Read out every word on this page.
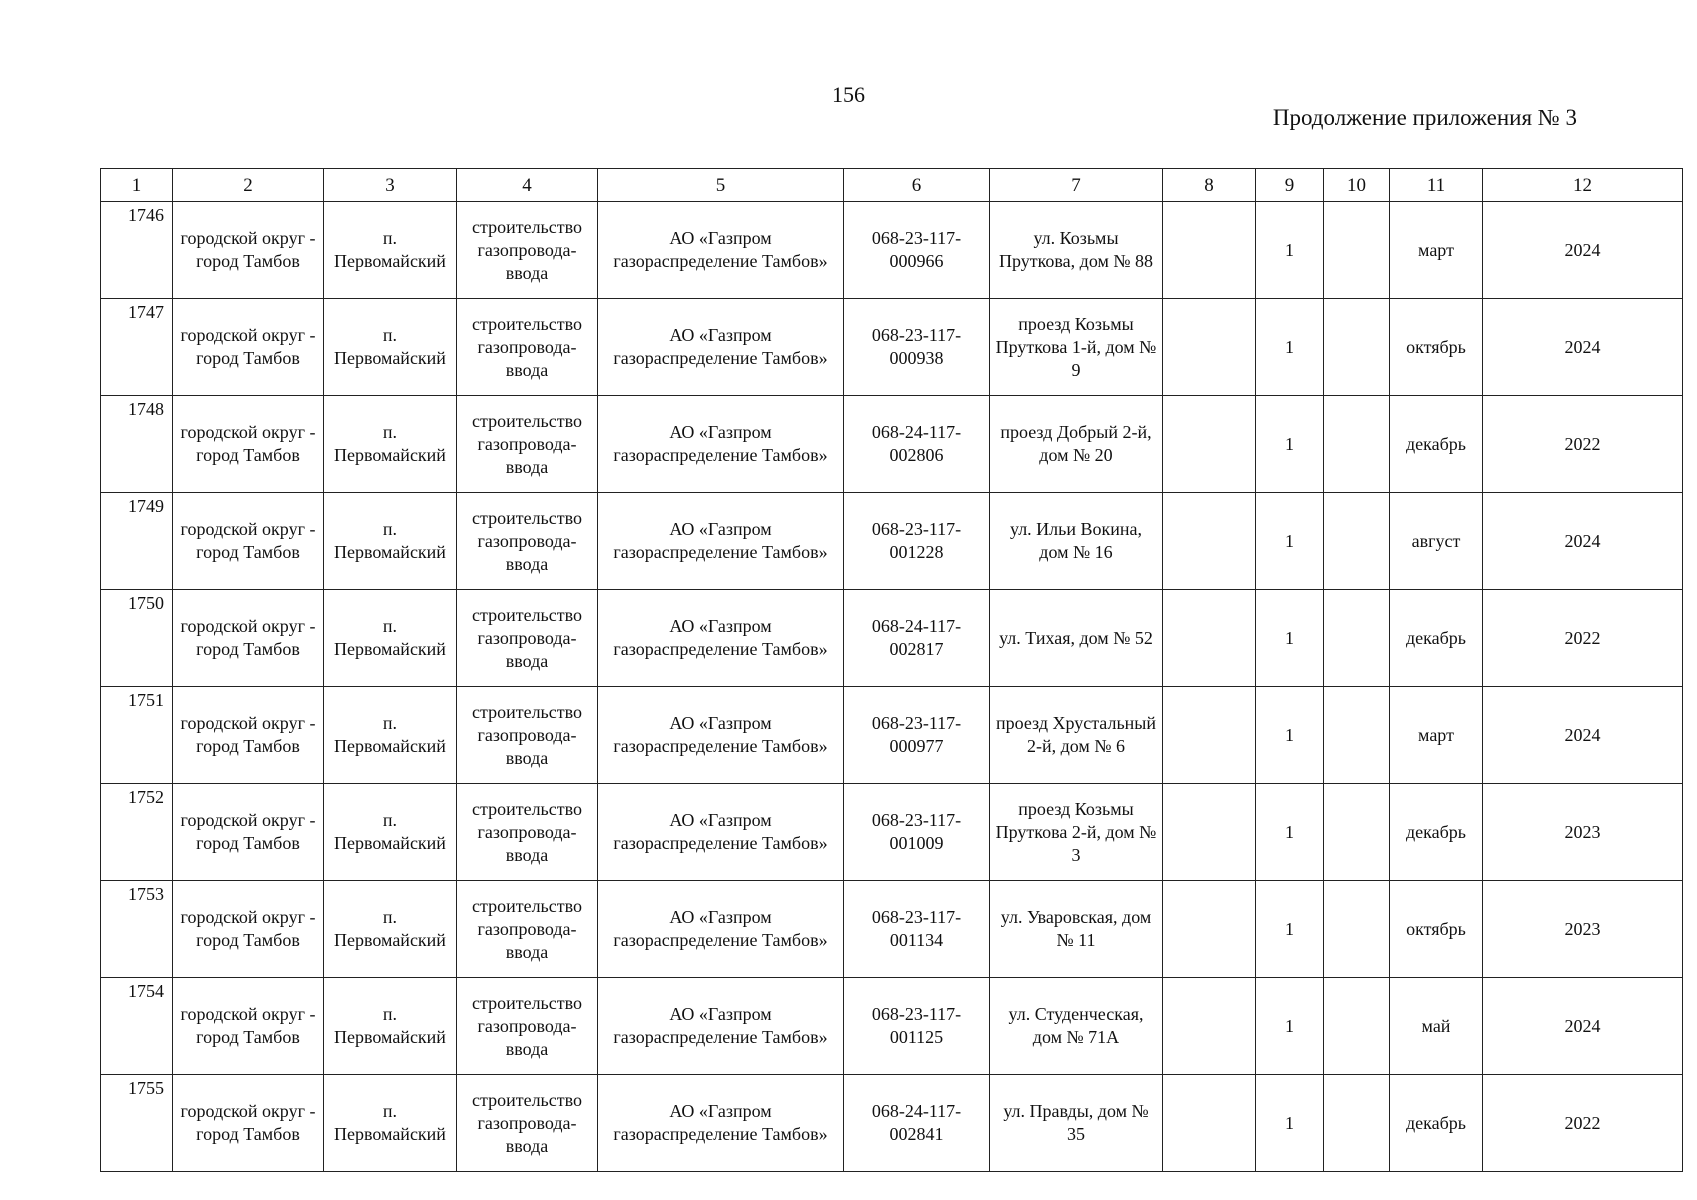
156
Продолжение приложения № 3
1	2	3	4	5	6	7	8	9	10	11	12
1746	городской округ - город Тамбов	п. Первомайский	строительство газопровода-ввода	АО «Газпром газораспределение Тамбов»	068-23-117-000966	ул. Козьмы Пруткова, дом № 88		1		март	2024
1747	городской округ - город Тамбов	п. Первомайский	строительство газопровода-ввода	АО «Газпром газораспределение Тамбов»	068-23-117-000938	проезд Козьмы Пруткова 1-й, дом № 9		1		октябрь	2024
1748	городской округ - город Тамбов	п. Первомайский	строительство газопровода-ввода	АО «Газпром газораспределение Тамбов»	068-24-117-002806	проезд Добрый 2-й, дом № 20		1		декабрь	2022
1749	городской округ - город Тамбов	п. Первомайский	строительство газопровода-ввода	АО «Газпром газораспределение Тамбов»	068-23-117-001228	ул. Ильи Вокина, дом № 16		1		август	2024
1750	городской округ - город Тамбов	п. Первомайский	строительство газопровода-ввода	АО «Газпром газораспределение Тамбов»	068-24-117-002817	ул. Тихая, дом № 52		1		декабрь	2022
1751	городской округ - город Тамбов	п. Первомайский	строительство газопровода-ввода	АО «Газпром газораспределение Тамбов»	068-23-117-000977	проезд Хрустальный 2-й, дом № 6		1		март	2024
1752	городской округ - город Тамбов	п. Первомайский	строительство газопровода-ввода	АО «Газпром газораспределение Тамбов»	068-23-117-001009	проезд Козьмы Пруткова 2-й, дом № 3		1		декабрь	2023
1753	городской округ - город Тамбов	п. Первомайский	строительство газопровода-ввода	АО «Газпром газораспределение Тамбов»	068-23-117-001134	ул. Уваровская, дом № 11		1		октябрь	2023
1754	городской округ - город Тамбов	п. Первомайский	строительство газопровода-ввода	АО «Газпром газораспределение Тамбов»	068-23-117-001125	ул. Студенческая, дом № 71А		1		май	2024
1755	городской округ - город Тамбов	п. Первомайский	строительство газопровода-ввода	АО «Газпром газораспределение Тамбов»	068-24-117-002841	ул. Правды, дом № 35		1		декабрь	2022
